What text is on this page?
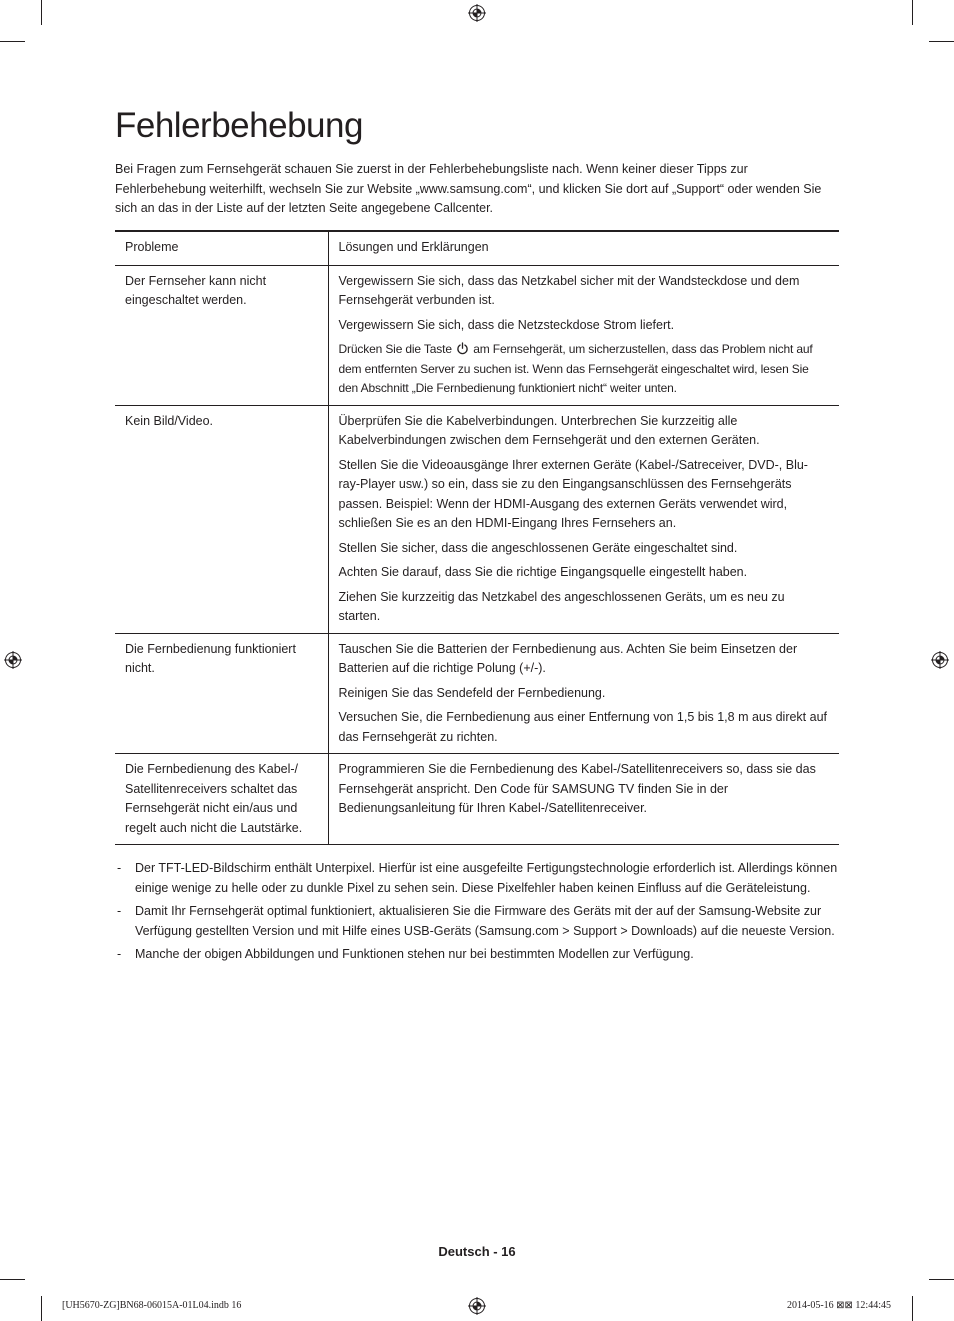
Fehlerbehebung

Bei Fragen zum Fernsehgerät schauen Sie zuerst in der Fehlerbehebungsliste nach. Wenn keiner dieser Tipps zur Fehlerbehebung weiterhilft, wechseln Sie zur Website „www.samsung.com“, und klicken Sie dort auf „Support“ oder wenden Sie sich an das in der Liste auf der letzten Seite angegebene Callcenter.

Probleme	Lösungen und Erklärungen
Der Fernseher kann nicht eingeschaltet werden.	Vergewissern Sie sich, dass das Netzkabel sicher mit der Wandsteckdose und dem Fernsehgerät verbunden ist.

Vergewissern Sie sich, dass die Netzsteckdose Strom liefert.

Drücken Sie die Taste am Fernsehgerät, um sicherzustellen, dass das Problem nicht auf dem entfernten Server zu suchen ist. Wenn das Fernsehgerät eingeschaltet wird, lesen Sie den Abschnitt „Die Fernbedienung funktioniert nicht“ weiter unten.

Kein Bild/Video.	Überprüfen Sie die Kabelverbindungen. Unterbrechen Sie kurzzeitig alle Kabelverbindungen zwischen dem Fernsehgerät und den externen Geräten.

Stellen Sie die Videoausgänge Ihrer externen Geräte (Kabel-/Satreceiver, DVD-, Blu-ray-Player usw.) so ein, dass sie zu den Eingangsanschlüssen des Fernsehgeräts passen. Beispiel: Wenn der HDMI-Ausgang des externen Geräts verwendet wird, schließen Sie es an den HDMI-Eingang Ihres Fernsehers an.

Stellen Sie sicher, dass die angeschlossenen Geräte eingeschaltet sind.

Achten Sie darauf, dass Sie die richtige Eingangsquelle eingestellt haben.

Ziehen Sie kurzzeitig das Netzkabel des angeschlossenen Geräts, um es neu zu starten.

Die Fernbedienung funktioniert nicht.	Tauschen Sie die Batterien der Fernbedienung aus. Achten Sie beim Einsetzen der Batterien auf die richtige Polung (+/-).

Reinigen Sie das Sendefeld der Fernbedienung.

Versuchen Sie, die Fernbedienung aus einer Entfernung von 1,5 bis 1,8 m aus direkt auf das Fernsehgerät zu richten.

Die Fernbedienung des Kabel-/ Satellitenreceivers schaltet das Fernsehgerät nicht ein/aus und regelt auch nicht die Lautstärke.	Programmieren Sie die Fernbedienung des Kabel-/Satellitenreceivers so, dass sie das Fernsehgerät anspricht. Den Code für SAMSUNG TV finden Sie in der Bedienungsanleitung für Ihren Kabel-/Satellitenreceiver.

- Der TFT-LED-Bildschirm enthält Unterpixel. Hierfür ist eine ausgefeilte Fertigungstechnologie erforderlich ist. Allerdings können einige wenige zu helle oder zu dunkle Pixel zu sehen sein. Diese Pixelfehler haben keinen Einfluss auf die Geräteleistung.
- Damit Ihr Fernsehgerät optimal funktioniert, aktualisieren Sie die Firmware des Geräts mit der auf der Samsung-Website zur Verfügung gestellten Version und mit Hilfe eines USB-Geräts (Samsung.com > Support > Downloads) auf die neueste Version.
- Manche der obigen Abbildungen und Funktionen stehen nur bei bestimmten Modellen zur Verfügung.
Deutsch - 16
[UH5670-ZG]BN68-06015A-01L04.indb 16	2014-05-16 ⊠⊠ 12:44:45
